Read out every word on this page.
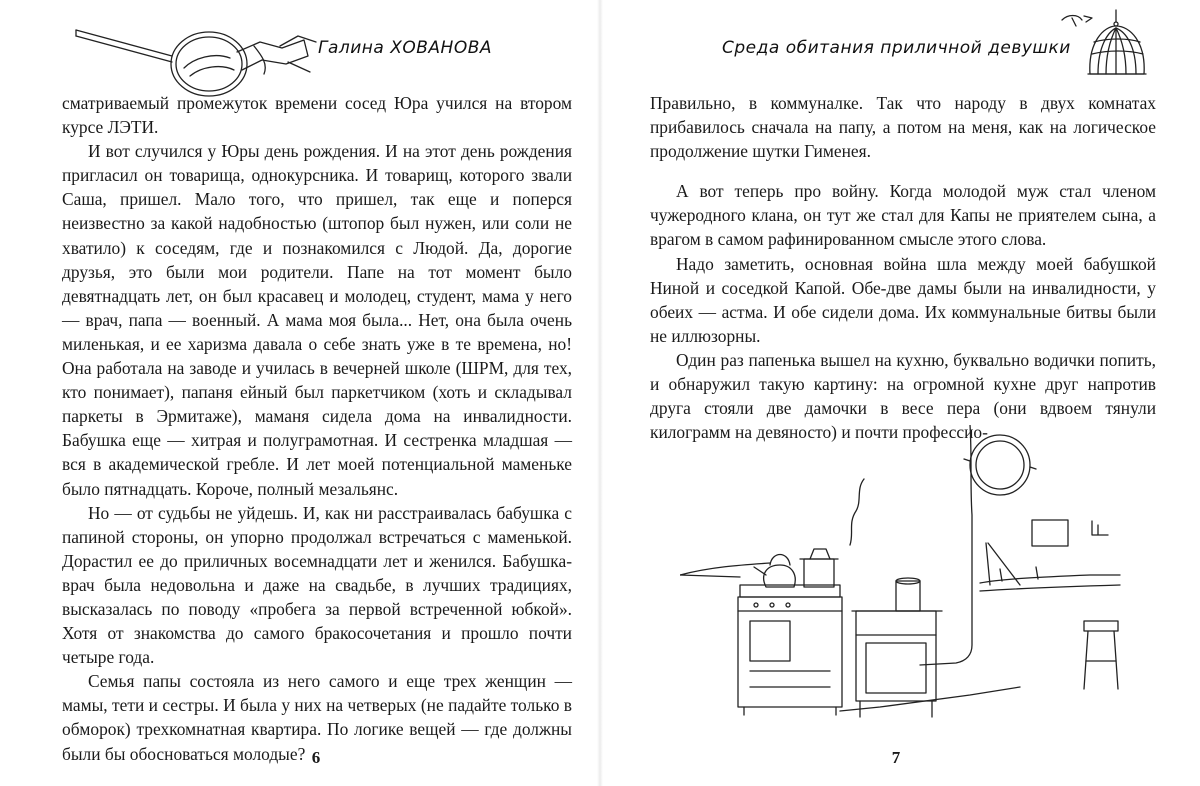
Галина ХОВАНОВА

сматриваемый промежуток времени сосед Юра учился на втором курсе ЛЭТИ.

И вот случился у Юры день рождения. И на этот день рождения пригласил он товарища, однокурсника. И товарищ, которого звали Саша, пришел. Мало того, что пришел, так еще и поперся неизвестно за какой надобностью (штопор был нужен, или соли не хватило) к соседям, где и познакомился с Людой. Да, дорогие друзья, это были мои родители. Папе на тот момент было девятнадцать лет, он был красавец и молодец, студент, мама у него — врач, папа — военный. А мама моя была... Нет, она была очень миленькая, и ее харизма давала о себе знать уже в те времена, но! Она работала на заводе и училась в вечерней школе (ШРМ, для тех, кто понимает), папаня ейный был паркетчиком (хоть и складывал паркеты в Эрмитаже), маманя сидела дома на инвалидности. Бабушка еще — хитрая и полуграмотная. И сестренка младшая — вся в академической гребле. И лет моей потенциальной маменьке было пятнадцать. Короче, полный мезальянс.

Но — от судьбы не уйдешь. И, как ни расстраивалась бабушка с папиной стороны, он упорно продолжал встречаться с маменькой. Дорастил ее до приличных восемнадцати лет и женился. Бабушка-врач была недовольна и даже на свадьбе, в лучших традициях, высказалась по поводу «пробега за первой встреченной юбкой». Хотя от знакомства до самого бракосочетания и прошло почти четыре года.

Семья папы состояла из него самого и еще трех женщин — мамы, тети и сестры. И была у них на четверых (не падайте только в обморок) трехкомнатная квартира. По логике вещей — где должны были бы обосноваться молодые? 6
Среда обитания приличной девушки

Правильно, в коммуналке. Так что народу в двух комнатах прибавилось сначала на папу, а потом на меня, как на логическое продолжение шутки Гименея.

А вот теперь про войну. Когда молодой муж стал членом чужеродного клана, он тут же стал для Капы не приятелем сына, а врагом в самом рафинированном смысле этого слова.

Надо заметить, основная война шла между моей бабушкой Ниной и соседкой Капой. Обе-две дамы были на инвалидности, у обеих — астма. И обе сидели дома. Их коммунальные битвы были не иллюзорны.

Один раз папенька вышел на кухню, буквально водички попить, и обнаружил такую картину: на огромной кухне друг напротив друга стояли две дамочки в весе пера (они вдвоем тянули килограмм на девяносто) и почти профессио-

7
